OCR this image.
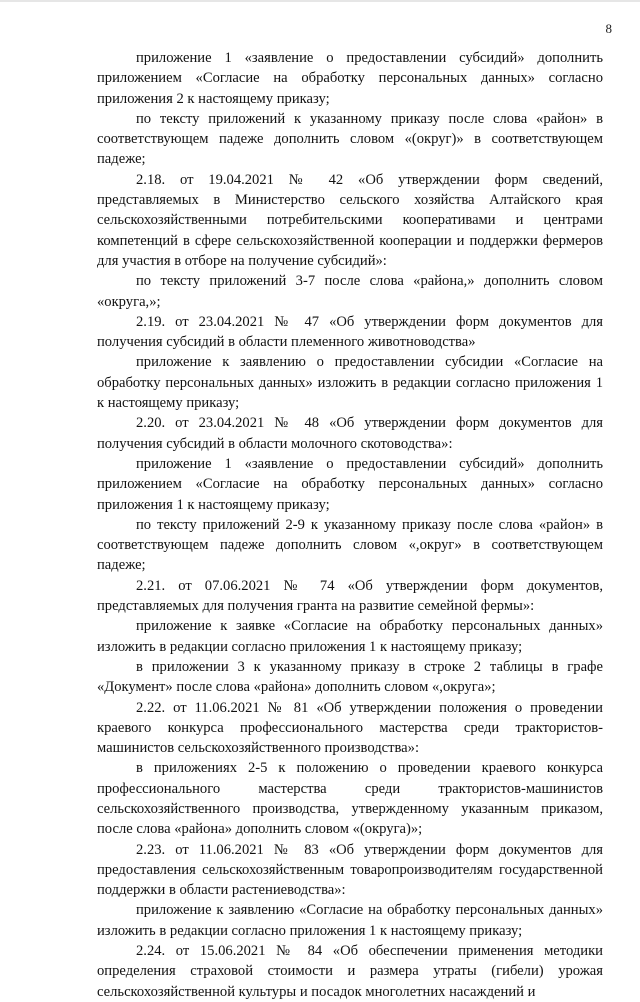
8

приложение 1 «заявление о предоставлении субсидий» дополнить приложением «Согласие на обработку персональных данных» согласно приложения 2 к настоящему приказу;

по тексту приложений к указанному приказу после слова «район» в соответствующем падеже дополнить словом «(округ)» в соответствующем падеже;

2.18. от 19.04.2021 № 42 «Об утверждении форм сведений, представляемых в Министерство сельского хозяйства Алтайского края сельскохозяйственными потребительскими кооперативами и центрами компетенций в сфере сельскохозяйственной кооперации и поддержки фермеров для участия в отборе на получение субсидий»:

по тексту приложений 3-7 после слова «района,» дополнить словом «округа,»;

2.19. от 23.04.2021 № 47 «Об утверждении форм документов для получения субсидий в области племенного животноводства»

приложение к заявлению о предоставлении субсидии «Согласие на обработку персональных данных» изложить в редакции согласно приложения 1 к настоящему приказу;

2.20. от 23.04.2021 № 48 «Об утверждении форм документов для получения субсидий в области молочного скотоводства»:

приложение 1 «заявление о предоставлении субсидий» дополнить приложением «Согласие на обработку персональных данных» согласно приложения 1 к настоящему приказу;

по тексту приложений 2-9 к указанному приказу после слова «район» в соответствующем падеже дополнить словом «,округ» в соответствующем падеже;

2.21. от 07.06.2021 № 74 «Об утверждении форм документов, представляемых для получения гранта на развитие семейной фермы»:

приложение к заявке «Согласие на обработку персональных данных» изложить в редакции согласно приложения 1 к настоящему приказу;

в приложении 3 к указанному приказу в строке 2 таблицы в графе «Документ» после слова «района» дополнить словом «,округа»;

2.22. от 11.06.2021 № 81 «Об утверждении положения о проведении краевого конкурса профессионального мастерства среди трактористов-машинистов сельскохозяйственного производства»:

в приложениях 2-5 к положению о проведении краевого конкурса профессионального мастерства среди трактористов-машинистов сельскохозяйственного производства, утвержденному указанным приказом, после слова «района» дополнить словом «(округа)»;

2.23. от 11.06.2021 № 83 «Об утверждении форм документов для предоставления сельскохозяйственным товаропроизводителям государственной поддержки в области растениеводства»:

приложение к заявлению «Согласие на обработку персональных данных» изложить в редакции согласно приложения 1 к настоящему приказу;

2.24. от 15.06.2021 № 84 «Об обеспечении применения методики определения страховой стоимости и размера утраты (гибели) урожая сельскохозяйственной культуры и посадок многолетних насаждений и
